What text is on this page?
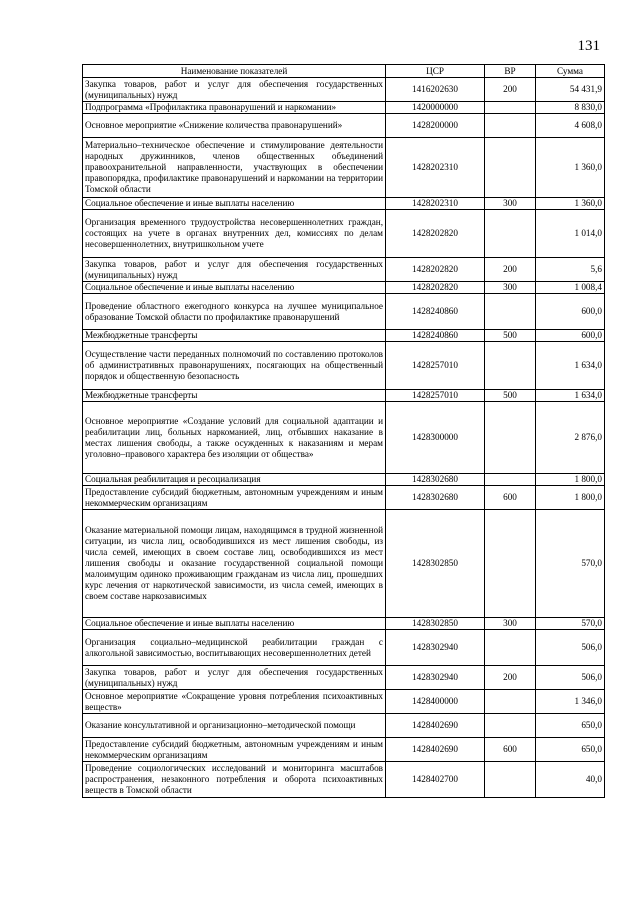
131
Наименование показателей	ЦСР	ВР	Сумма
Закупка товаров, работ и услуг для обеспечения государственных (муниципальных) нужд	1416202630	200	54 431,9
Подпрограмма «Профилактика правонарушений и наркомании»	1420000000		8 830,0
Основное мероприятие «Снижение количества правонарушений»	1428200000		4 608,0
Материально–техническое обеспечение и стимулирование деятельности народных дружинников, членов общественных объединений правоохранительной направленности, участвующих в обеспечении правопорядка, профилактике правонарушений и наркомании на территории Томской области	1428202310		1 360,0
Социальное обеспечение и иные выплаты населению	1428202310	300	1 360,0
Организация временного трудоустройства несовершеннолетних граждан, состоящих на учете в органах внутренних дел, комиссиях по делам несовершеннолетних, внутришкольном учете	1428202820		1 014,0
Закупка товаров, работ и услуг для обеспечения государственных (муниципальных) нужд	1428202820	200	5,6
Социальное обеспечение и иные выплаты населению	1428202820	300	1 008,4
Проведение областного ежегодного конкурса на лучшее муниципальное образование Томской области по профилактике правонарушений	1428240860		600,0
Межбюджетные трансферты	1428240860	500	600,0
Осуществление части переданных полномочий по составлению протоколов об административных правонарушениях, посягающих на общественный порядок и общественную безопасность	1428257010		1 634,0
Межбюджетные трансферты	1428257010	500	1 634,0
Основное мероприятие «Создание условий для социальной адаптации и реабилитации лиц, больных наркоманией, лиц, отбывших наказание в местах лишения свободы, а также осужденных к наказаниям и мерам уголовно–правового характера без изоляции от общества»	1428300000		2 876,0
Социальная реабилитация и ресоциализация	1428302680		1 800,0
Предоставление субсидий бюджетным, автономным учреждениям и иным некоммерческим организациям	1428302680	600	1 800,0
Оказание материальной помощи лицам, находящимся в трудной жизненной ситуации, из числа лиц, освободившихся из мест лишения свободы, из числа семей, имеющих в своем составе лиц, освободившихся из мест лишения свободы и оказание государственной социальной помощи малоимущим одиноко проживающим гражданам из числа лиц, прошедших курс лечения от наркотической зависимости, из числа семей, имеющих в своем составе наркозависимых	1428302850		570,0
Социальное обеспечение и иные выплаты населению	1428302850	300	570,0
Организация социально–медицинской реабилитации граждан с алкогольной зависимостью, воспитывающих несовершеннолетних детей	1428302940		506,0
Закупка товаров, работ и услуг для обеспечения государственных (муниципальных) нужд	1428302940	200	506,0
Основное мероприятие «Сокращение уровня потребления психоактивных веществ»	1428400000		1 346,0
Оказание консультативной и организационно–методической помощи	1428402690		650,0
Предоставление субсидий бюджетным, автономным учреждениям и иным некоммерческим организациям	1428402690	600	650,0
Проведение социологических исследований и мониторинга масштабов распространения, незаконного потребления и оборота психоактивных веществ в Томской области	1428402700		40,0
